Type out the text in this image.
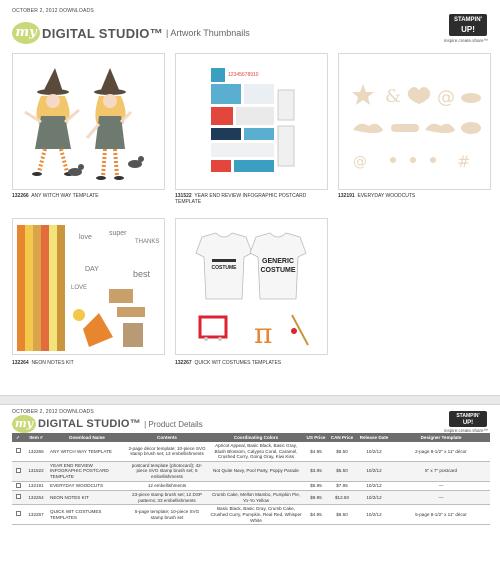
OCTOBER 2, 2012 DOWNLOADS
my DIGITAL STUDIO™ | Artwork Thumbnails
STAMPIN'
UP!
inspire.create.share™
132266 ANY WITCH WAY TEMPLATE
12345678910
131522 YEAR END REVIEW INFOGRAPHIC POSTCARD TEMPLATE
& @
@	#
132191 EVERYDAY WOODCUTS
love
super
THANKS
best
DAY
LOVE
132264 NEON NOTES KIT
COSTUME
GENERIC
COSTUME
π
132267 QUICK WIT COSTUMES TEMPLATES
OCTOBER 2, 2012 DOWNLOADS
my DIGITAL STUDIO™ | Product Details
STAMPIN'
UP!
inspire.create.share™
✓	Item #	Download Name	Contents	Coordinating Colors	US Price	CAN Price	Release Date	Designer Template
	132266	ANY WITCH WAY TEMPLATE	2-page décor template; 10-piece SVG stamp brush set; 13 embellishments	Apricot Appeal, Basic Black, Basic Gray, Blush Blossom, Calypso Coral, Caramel, Crushed Curry, Going Gray, Kiwi Kiss	$4.95	$6.50	10/2/12	2-page 8-1/2" x 11" décor
	131522	YEAR END REVIEW INFOGRAPHIC POSTCARD TEMPLATE	postcard template (photocard); 42-piece SVG stamp brush set; 6 embellishments	Not Quite Navy, Pool Party, Poppy Parade	$3.95	$5.50	10/2/12	5" x 7" postcard
	132191	EVERYDAY WOODCUTS	12 embellishments		$5.95	$7.95	10/2/12	—
	132264	NEON NOTES KIT	23-piece stamp brush set; 12 DSP patterns; 33 embellishments	Crumb Cake, Mellon Mambo, Pumpkin Pie, Yo-Yo Yellow	$9.95	$12.50	10/2/12	—
	132267	QUICK WIT COSTUMES TEMPLATES	5-page template; 10-piece SVG stamp brush set	Basic Black, Basic Gray, Crumb Cake, Crushed Curry, Pumpkin, Real Red, Whisper White	$4.95	$6.50	10/2/12	5-page 8-1/2" x 11" décor
